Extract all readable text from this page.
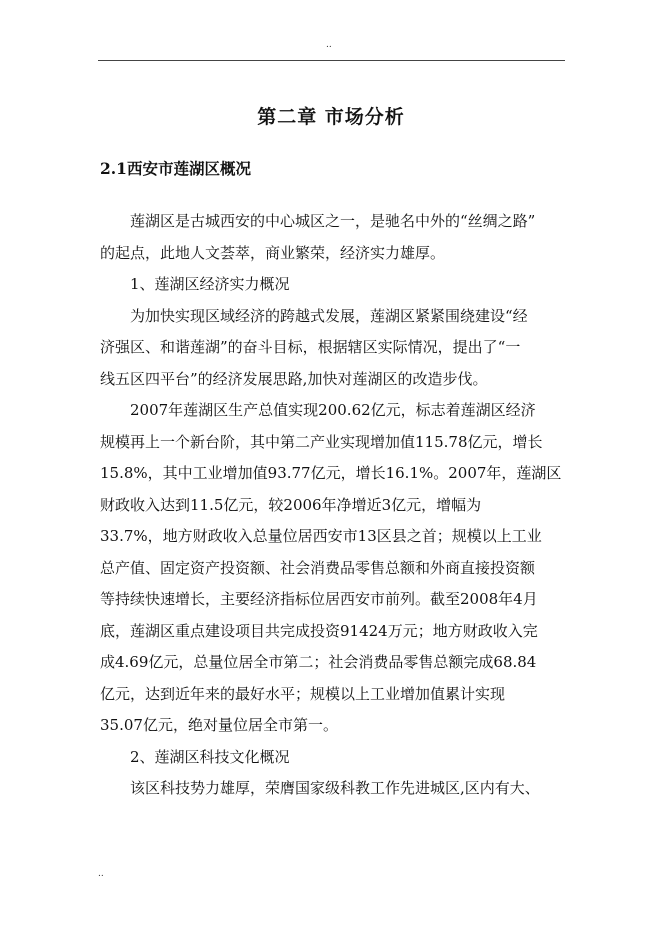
..
第二章 市场分析
2.1西安市莲湖区概况
莲湖区是古城西安的中心城区之一，是驰名中外的“丝绸之路”
的起点，此地人文荟萃，商业繁荣，经济实力雄厚。
1、莲湖区经济实力概况
为加快实现区域经济的跨越式发展，莲湖区紧紧围绕建设“经
济强区、和谐莲湖”的奋斗目标，根据辖区实际情况，提出了“一
线五区四平台”的经济发展思路,加快对莲湖区的改造步伐。
2007年莲湖区生产总值实现200.62亿元，标志着莲湖区经济
规模再上一个新台阶，其中第二产业实现增加值115.78亿元，增长
15.8%，其中工业增加值93.77亿元，增长16.1%。2007年，莲湖区
财政收入达到11.5亿元，较2006年净增近3亿元，增幅为
33.7%，地方财政收入总量位居西安市13区县之首；规模以上工业
总产值、固定资产投资额、社会消费品零售总额和外商直接投资额
等持续快速增长，主要经济指标位居西安市前列。截至2008年4月
底，莲湖区重点建设项目共完成投资91424万元；地方财政收入完
成4.69亿元，总量位居全市第二；社会消费品零售总额完成68.84
亿元，达到近年来的最好水平；规模以上工业增加值累计实现
35.07亿元，绝对量位居全市第一。
2、莲湖区科技文化概况
该区科技势力雄厚，荣膺国家级科教工作先进城区,区内有大、
..
